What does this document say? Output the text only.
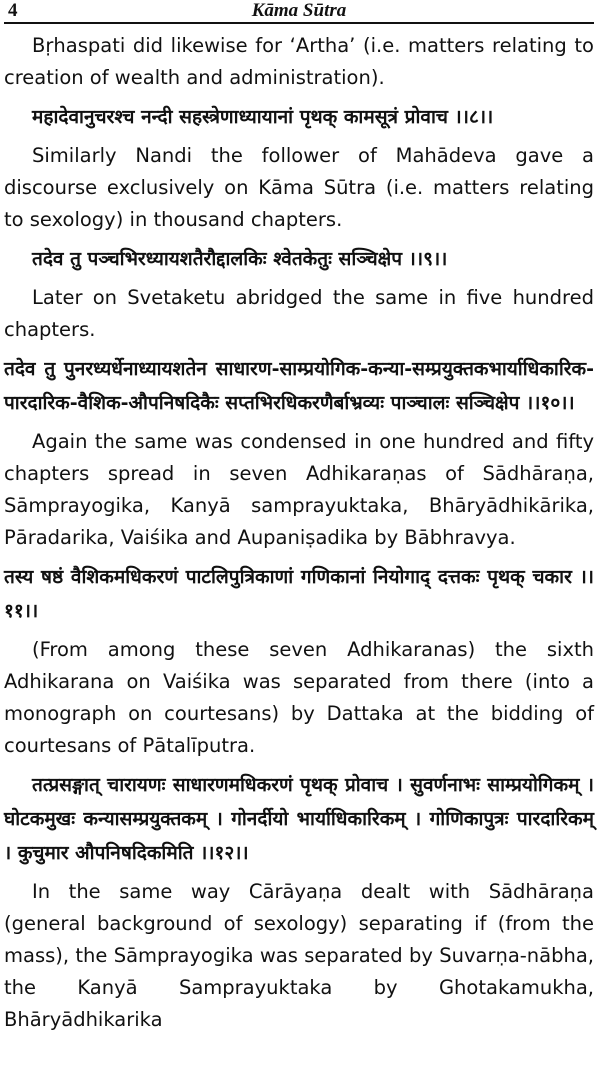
4	Kāma Sūtra

Bṛhaspati did likewise for ‘Artha’ (i.e. matters relating to creation of wealth and administration).

महादेवानुचरश्च नन्दी सहस्त्रेणाध्यायानां पृथक् कामसूत्रं प्रोवाच ।।८।।

Similarly Nandi the follower of Mahādeva gave a discourse exclusively on Kāma Sūtra (i.e. matters relating to sexology) in thousand chapters.

तदेव तु पञ्चभिरध्यायशतैरौद्दालकिः श्वेतकेतुः सञ्चिक्षेप ।।९।।

Later on Svetaketu abridged the same in five hundred chapters.

तदेव तु पुनरध्यर्धेनाध्यायशतेन साधारण-साम्प्रयोगिक-कन्या-सम्प्रयुक्तकभार्याधिकारिक-पारदारिक-वैशिक-औपनिषदिकैः सप्तभिरधिकरणैर्बाभ्रव्यः पाञ्चालः सञ्चिक्षेप ।।१०।।

Again the same was condensed in one hundred and fifty chapters spread in seven Adhikaraṇas of Sādhāraṇa, Sāmprayogika, Kanyā samprayuktaka, Bhāryādhikārika, Pāradarika, Vaiśika and Aupaniṣadika by Bābhravya.

तस्य षष्ठं वैशिकमधिकरणं पाटलिपुत्रिकाणां गणिकानां नियोगाद् दत्तकः पृथक् चकार ।।११।।

(From among these seven Adhikaranas) the sixth Adhikarana on Vaiśika was separated from there (into a monograph on courtesans) by Dattaka at the bidding of courtesans of Pātalīputra.

तत्प्रसङ्गात् चारायणः साधारणमधिकरणं पृथक् प्रोवाच । सुवर्णनाभः साम्प्रयोगिकम् । घोटकमुखः कन्यासम्प्रयुक्तकम् । गोनर्दीयो भार्याधिकारिकम् । गोणिकापुत्रः पारदारिकम् । कुचुमार औपनिषदिकमिति ।।१२।।

In the same way Cārāyaṇa dealt with Sādhāraṇa (general background of sexology) separating if (from the mass), the Sāmprayogika was separated by Suvarṇa-nābha, the Kanyā Samprayuktaka by Ghotakamukha, Bhāryādhikarika
